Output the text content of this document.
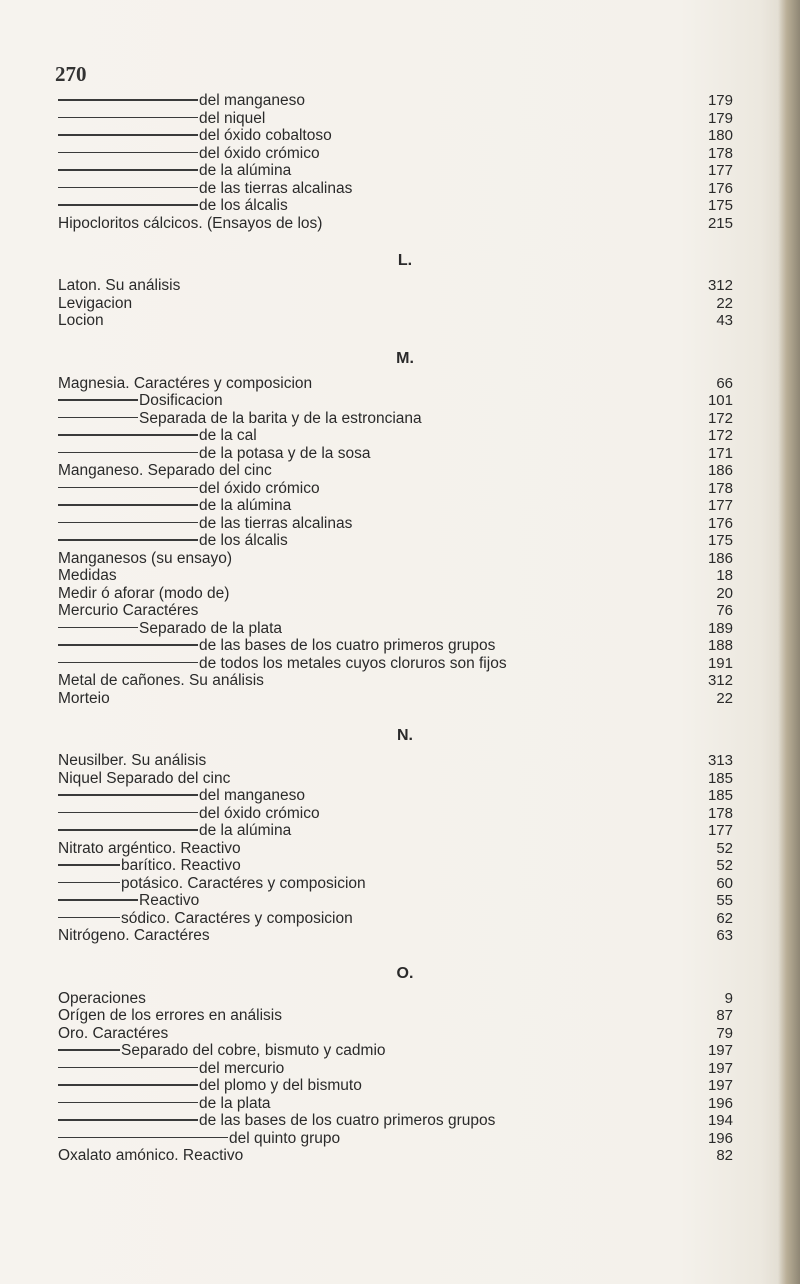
270
del manganeso	179
del niquel	179
del óxido cobaltoso	180
del óxido crómico	178
de la alúmina	177
de las tierras alcalinas	176
de los álcalis	175
Hipocloritos cálcicos. (Ensayos de los)	215
L.
Laton. Su análisis	312
Levigacion	22
Locion	43
M.
Magnesia. Caractéres y composicion	66
Dosificacion	101
Separada de la barita y de la estronciana	172
de la cal	172
de la potasa y de la sosa	171
Manganeso. Separado del cinc	186
del óxido crómico	178
de la alúmina	177
de las tierras alcalinas	176
de los álcalis	175
Manganesos (su ensayo)	186
Medidas	18
Medir ó aforar (modo de)	20
Mercurio Caractéres	76
Separado de la plata	189
de las bases de los cuatro primeros grupos	188
de todos los metales cuyos cloruros son fijos	191
Metal de cañones. Su análisis	312
Morteio	22
N.
Neusilber. Su análisis	313
Niquel Separado del cinc	185
del manganeso	185
del óxido crómico	178
de la alúmina	177
Nitrato argéntico. Reactivo	52
barítico. Reactivo	52
potásico. Caractéres y composicion	60
Reactivo	55
sódico. Caractéres y composicion	62
Nitrógeno. Caractéres	63
O.
Operaciones	9
Orígen de los errores en análisis	87
Oro. Caractéres	79
Separado del cobre, bismuto y cadmio	197
del mercurio	197
del plomo y del bismuto	197
de la plata	196
de las bases de los cuatro primeros grupos	194
del quinto grupo	196
Oxalato amónico. Reactivo	82
